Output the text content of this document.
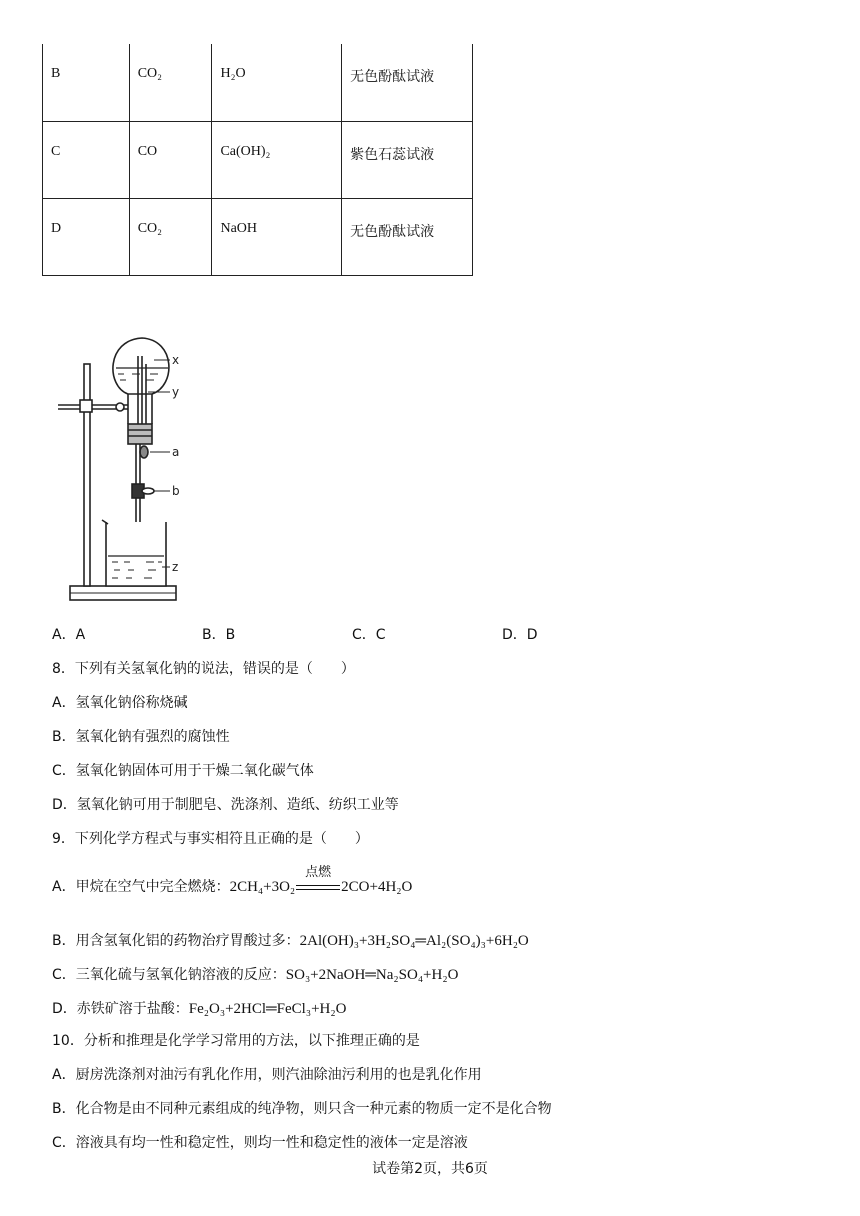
B	CO₂	H₂O	无色酚酞试液
C	CO	Ca(OH)₂	紫色石蕊试液
D	CO₂	NaOH	无色酚酞试液
x
y
a
b
z
A．A	B．B	C．C	D．D
8．下列有关氢氧化钠的说法，错误的是（　　）
A．氢氧化钠俗称烧碱
B．氢氧化钠有强烈的腐蚀性
C．氢氧化钠固体可用于干燥二氧化碳气体
D．氢氧化钠可用于制肥皂、洗涤剂、造纸、纺织工业等
9．下列化学方程式与事实相符且正确的是（　　）
A．甲烷在空气中完全燃烧：2CH₄+3O₂
点燃
2CO+4H₂O
B．用含氢氧化铝的药物治疗胃酸过多：2Al(OH)₃+3H₂SO₄═Al₂(SO₄)₃+6H₂O
C．三氧化硫与氢氧化钠溶液的反应：SO₃+2NaOH═Na₂SO₄+H₂O
D．赤铁矿溶于盐酸：Fe₂O₃+2HCl═FeCl₃+H₂O
10．分析和推理是化学学习常用的方法，以下推理正确的是
A．厨房洗涤剂对油污有乳化作用，则汽油除油污利用的也是乳化作用
B．化合物是由不同种元素组成的纯净物，则只含一种元素的物质一定不是化合物
C．溶液具有均一性和稳定性，则均一性和稳定性的液体一定是溶液
试卷第2页，共6页
